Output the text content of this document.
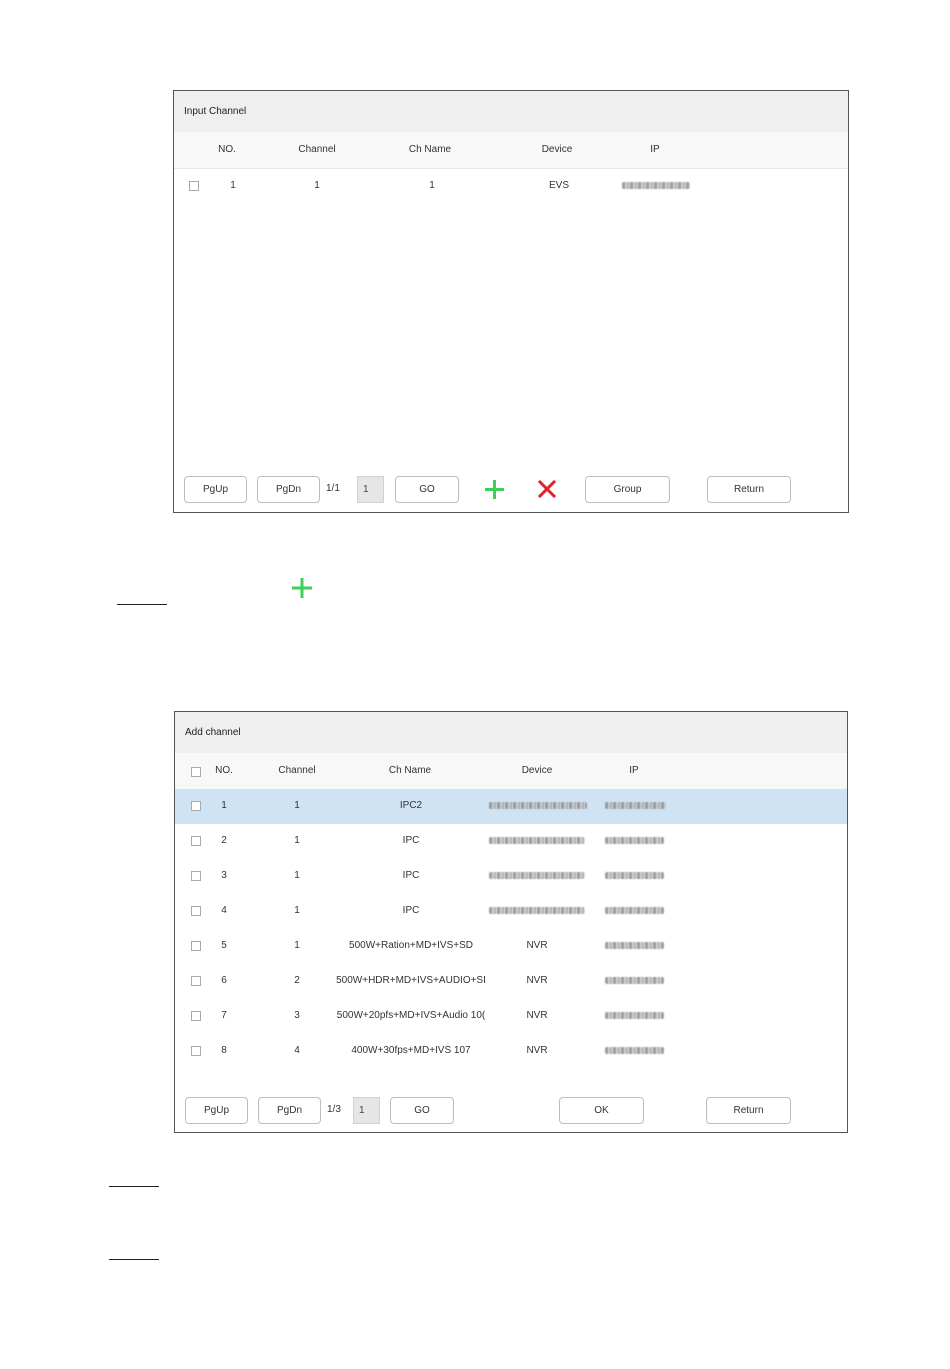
Input Channel
NO.	Channel	Ch Name	Device	IP
1	1	1	EVS
PgUp	PgDn	1/1
1	GO	Group	Return
Add channel
NO.	Channel	Ch Name	Device	IP
1	1	IPC2
2	1	IPC
3	1	IPC
4	1	IPC
5	1	500W+Ration+MD+IVS+SD	NVR
6	2	500W+HDR+MD+IVS+AUDIO+SI	NVR
7	3	500W+20pfs+MD+IVS+Audio 10(	NVR
8	4	400W+30fps+MD+IVS 107	NVR
PgUp	PgDn	1/3
1	GO	OK	Return
